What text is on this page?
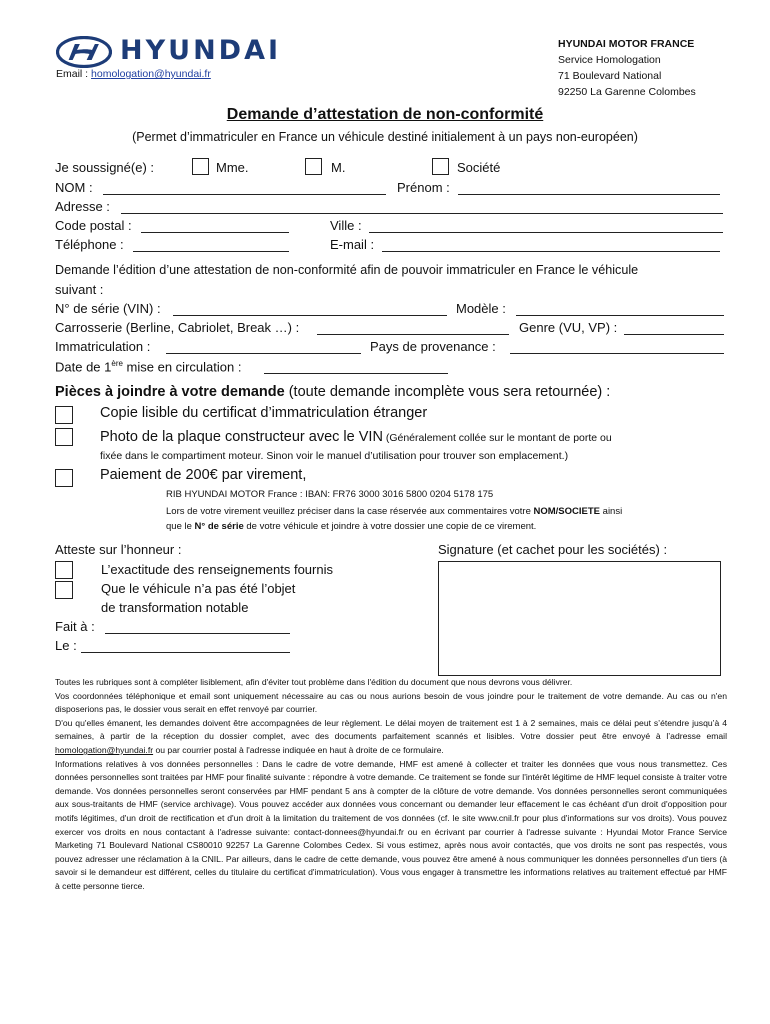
HYUNDAI
Email : homologation@hyundai.fr
HYUNDAI MOTOR FRANCE
Service Homologation
71 Boulevard National
92250 La Garenne Colombes
Demande d’attestation de non-conformité
(Permet d’immatriculer en France un véhicule destiné initialement à un pays non-européen)
Je soussigné(e) :	Mme.	M.	Société
NOM :	Prénom :
Adresse :
Code postal :	Ville :
Téléphone :	E-mail :
Demande l’édition d’une attestation de non-conformité afin de pouvoir immatriculer en France le véhicule
suivant :
N° de série (VIN) :	Modèle :
Carrosserie (Berline, Cabriolet, Break …) :	Genre (VU, VP) :
Immatriculation :	Pays de provenance :
Date de 1ère mise en circulation :
Pièces à joindre à votre demande (toute demande incomplète vous sera retournée) :
Copie lisible du certificat d’immatriculation étranger
Photo de la plaque constructeur avec le VIN (Généralement collée sur le montant de porte ou
fixée dans le compartiment moteur. Sinon voir le manuel d’utilisation pour trouver son emplacement.)
Paiement de 200€ par virement,
RIB HYUNDAI MOTOR France : IBAN: FR76 3000 3016 5800 0204 5178 175
Lors de votre virement veuillez préciser dans la case réservée aux commentaires votre NOM/SOCIETE ainsi
que le N° de série de votre véhicule et joindre à votre dossier une copie de ce virement.
Atteste sur l’honneur :	Signature (et cachet pour les sociétés) :
L’exactitude des renseignements fournis
Que le véhicule n’a pas été l’objet
de transformation notable
Fait à :
Le :

Toutes les rubriques sont à compléter lisiblement, afin d'éviter tout problème dans l'édition du document que nous devrons vous délivrer.

Vos coordonnées téléphonique et email sont uniquement nécessaire au cas ou nous aurions besoin de vous joindre pour le traitement de votre demande. Au cas ou n'en disposerions pas, le dossier vous serait en effet renvoyé par courrier.

D'ou qu'elles émanent, les demandes doivent être accompagnées de leur règlement. Le délai moyen de traitement est 1 à 2 semaines, mais ce délai peut s’étendre jusqu’à 4 semaines, à partir de la réception du dossier complet, avec des documents parfaitement scannés et lisibles. Votre dossier peut être envoyé à l’adresse email homologation@hyundai.fr ou par courrier postal à l'adresse indiquée en haut à droite de ce formulaire.

Informations relatives à vos données personnelles : Dans le cadre de votre demande, HMF est amené à collecter et traiter les données que vous nous transmettez. Ces données personnelles sont traitées par HMF pour finalité suivante : répondre à votre demande. Ce traitement se fonde sur l'intérêt légitime de HMF lequel consiste à traiter votre demande. Vos données personnelles seront conservées par HMF pendant 5 ans à compter de la clôture de votre demande. Vos données personnelles seront communiquées aux sous-traitants de HMF (service archivage). Vous pouvez accéder aux données vous concernant ou demander leur effacement le cas échéant d'un droit d'opposition pour motifs légitimes, d'un droit de rectification et d'un droit à la limitation du traitement de vos données (cf. le site www.cnil.fr pour plus d'informations sur vos droits). Vous pouvez exercer vos droits en nous contactant à l'adresse suivante: contact-donnees@hyundai.fr ou en écrivant par courrier à l'adresse suivante : Hyundai Motor France Service Marketing 71 Boulevard National CS80010 92257 La Garenne Colombes Cedex. Si vous estimez, après nous avoir contactés, que vos droits ne sont pas respectés, vous pouvez adresser une réclamation à la CNIL. Par ailleurs, dans le cadre de cette demande, vous pouvez être amené à nous communiquer les données personnelles d'un tiers (à savoir si le demandeur est différent, celles du titulaire du certificat d'immatriculation). Vous vous engager à transmettre les informations relatives au traitement effectué par HMF à cette personne tierce.
